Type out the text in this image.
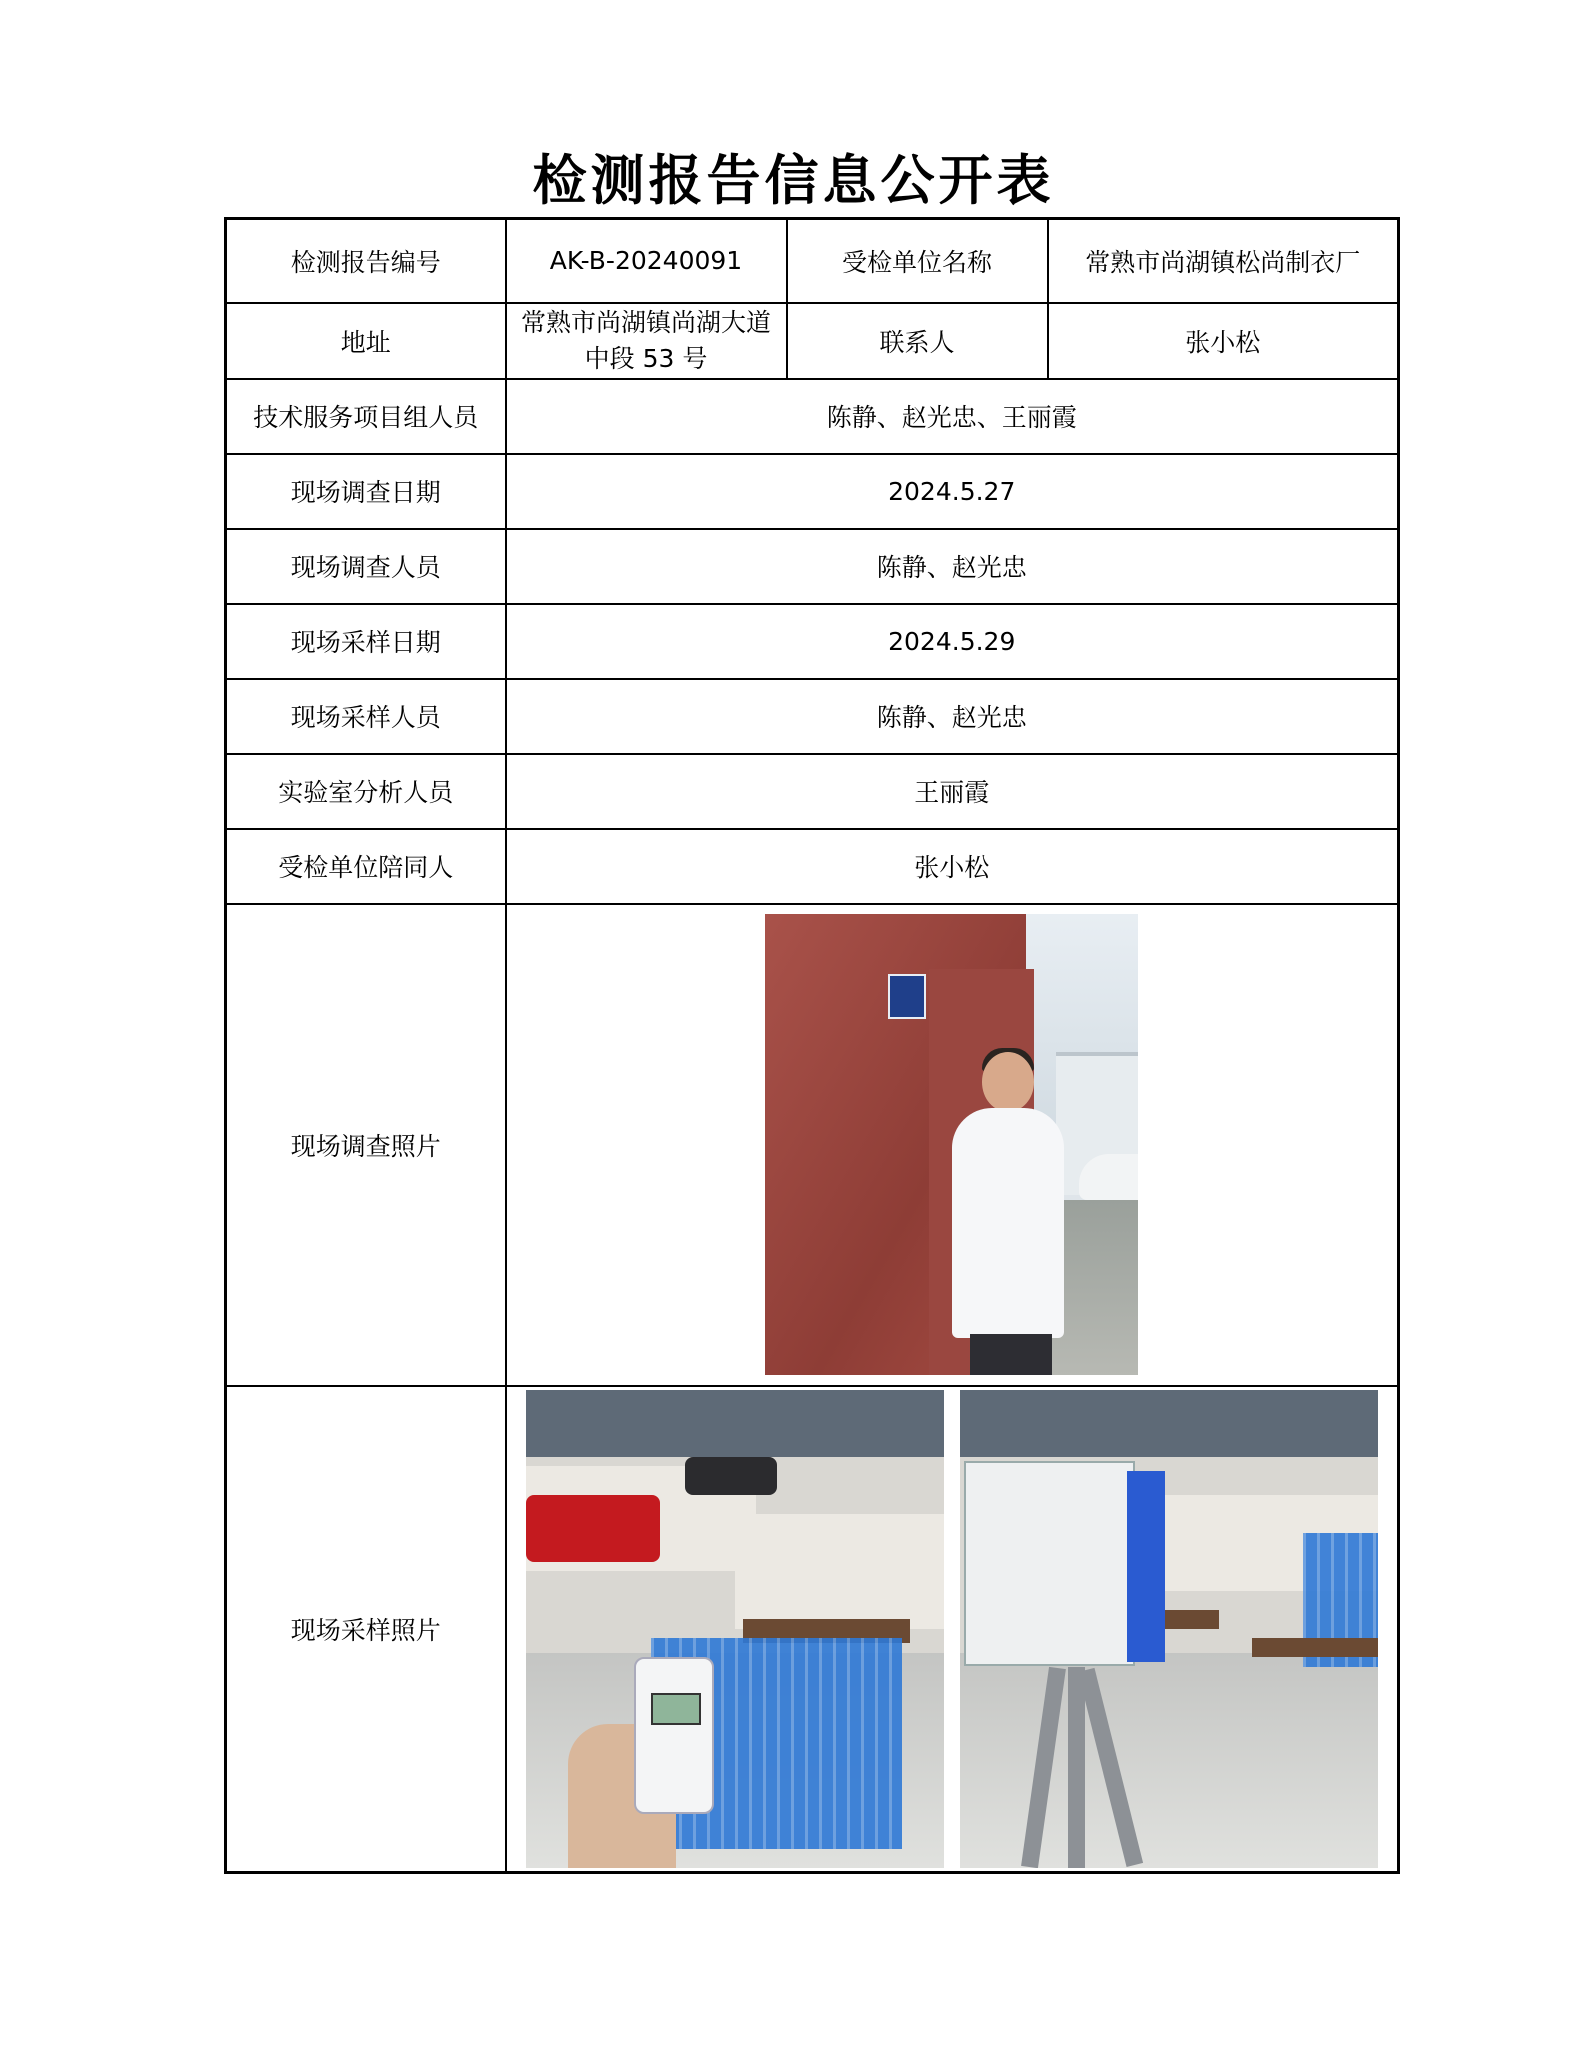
检测报告信息公开表
检测报告编号	AK-B-20240091	受检单位名称	常熟市尚湖镇松尚制衣厂
地址	常熟市尚湖镇尚湖大道中段 53 号	联系人	张小松
技术服务项目组人员	陈静、赵光忠、王丽霞		
现场调查日期	2024.5.27		
现场调查人员	陈静、赵光忠		
现场采样日期	2024.5.29		
现场采样人员	陈静、赵光忠		
实验室分析人员	王丽霞		
受检单位陪同人	张小松		
现场调查照片			

现场采样照片			
